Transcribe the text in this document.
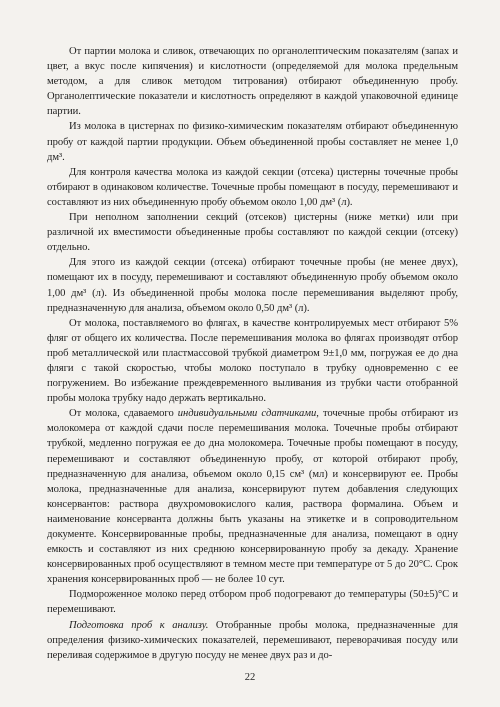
От партии молока и сливок, отвечающих по органолептическим показателям (запах и цвет, а вкус после кипячения) и кислотности (определяемой для молока предельным методом, а для сливок методом титрования) отбирают объединенную пробу. Органолептические показатели и кислотность определяют в каждой упаковочной единице партии.

Из молока в цистернах по физико-химическим показателям отбирают объединенную пробу от каждой партии продукции. Объем объединенной пробы составляет не менее 1,0 дм³.

Для контроля качества молока из каждой секции (отсека) цистерны точечные пробы отбирают в одинаковом количестве. Точечные пробы помещают в посуду, перемешивают и составляют из них объединенную пробу объемом около 1,00 дм³ (л).

При неполном заполнении секций (отсеков) цистерны (ниже метки) или при различной их вместимости объединенные пробы составляют по каждой секции (отсеку) отдельно.

Для этого из каждой секции (отсека) отбирают точечные пробы (не менее двух), помещают их в посуду, перемешивают и составляют объединенную пробу объемом около 1,00 дм³ (л). Из объединенной пробы молока после перемешивания выделяют пробу, предназначенную для анализа, объемом около 0,50 дм³ (л).

От молока, поставляемого во флягах, в качестве контролируемых мест отбирают 5% фляг от общего их количества. После перемешивания молока во флягах производят отбор проб металлической или пластмассовой трубкой диаметром 9±1,0 мм, погружая ее до дна фляги с такой скоростью, чтобы молоко поступало в трубку одновременно с ее погружением. Во избежание преждевременного выливания из трубки части отобранной пробы молока трубку надо держать вертикально.

От молока, сдаваемого индивидуальными сдатчиками, точечные пробы отбирают из молокомера от каждой сдачи после перемешивания молока. Точечные пробы отбирают трубкой, медленно погружая ее до дна молокомера. Точечные пробы помещают в посуду, перемешивают и составляют объединенную пробу, от которой отбирают пробу, предназначенную для анализа, объемом около 0,15 см³ (мл) и консервируют ее. Пробы молока, предназначенные для анализа, консервируют путем добавления следующих консервантов: раствора двухромовокислого калия, раствора формалина. Объем и наименование консерванта должны быть указаны на этикетке и в сопроводительном документе. Консервированные пробы, предназначенные для анализа, помещают в одну емкость и составляют из них среднюю консервированную пробу за декаду. Хранение консервированных проб осуществляют в темном месте при температуре от 5 до 20°С. Срок хранения консервированных проб — не более 10 сут.

Подмороженное молоко перед отбором проб подогревают до температуры (50±5)°С и перемешивают.

Подготовка проб к анализу. Отобранные пробы молока, предназначенные для определения физико-химических показателей, перемешивают, переворачивая посуду или переливая содержимое в другую посуду не менее двух раз и до-

22
